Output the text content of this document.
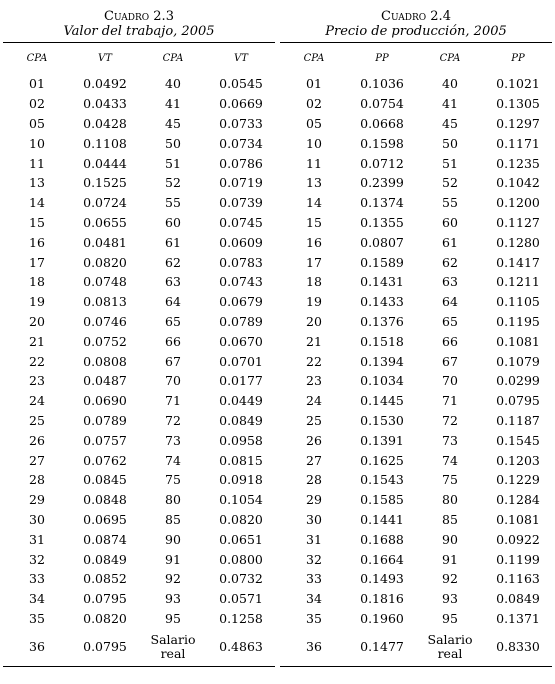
Cuadro 2.3
Valor del trabajo, 2005
CPA	VT	CPA	VT
01	0.0492	40	0.0545
02	0.0433	41	0.0669
05	0.0428	45	0.0733
10	0.1108	50	0.0734
11	0.0444	51	0.0786
13	0.1525	52	0.0719
14	0.0724	55	0.0739
15	0.0655	60	0.0745
16	0.0481	61	0.0609
17	0.0820	62	0.0783
18	0.0748	63	0.0743
19	0.0813	64	0.0679
20	0.0746	65	0.0789
21	0.0752	66	0.0670
22	0.0808	67	0.0701
23	0.0487	70	0.0177
24	0.0690	71	0.0449
25	0.0789	72	0.0849
26	0.0757	73	0.0958
27	0.0762	74	0.0815
28	0.0845	75	0.0918
29	0.0848	80	0.1054
30	0.0695	85	0.0820
31	0.0874	90	0.0651
32	0.0849	91	0.0800
33	0.0852	92	0.0732
34	0.0795	93	0.0571
35	0.0820	95	0.1258
36	0.0795	Salario real	0.4863
Cuadro 2.4
Precio de producción, 2005
CPA	PP	CPA	PP
01	0.1036	40	0.1021
02	0.0754	41	0.1305
05	0.0668	45	0.1297
10	0.1598	50	0.1171
11	0.0712	51	0.1235
13	0.2399	52	0.1042
14	0.1374	55	0.1200
15	0.1355	60	0.1127
16	0.0807	61	0.1280
17	0.1589	62	0.1417
18	0.1431	63	0.1211
19	0.1433	64	0.1105
20	0.1376	65	0.1195
21	0.1518	66	0.1081
22	0.1394	67	0.1079
23	0.1034	70	0.0299
24	0.1445	71	0.0795
25	0.1530	72	0.1187
26	0.1391	73	0.1545
27	0.1625	74	0.1203
28	0.1543	75	0.1229
29	0.1585	80	0.1284
30	0.1441	85	0.1081
31	0.1688	90	0.0922
32	0.1664	91	0.1199
33	0.1493	92	0.1163
34	0.1816	93	0.0849
35	0.1960	95	0.1371
36	0.1477	Salario real	0.8330
